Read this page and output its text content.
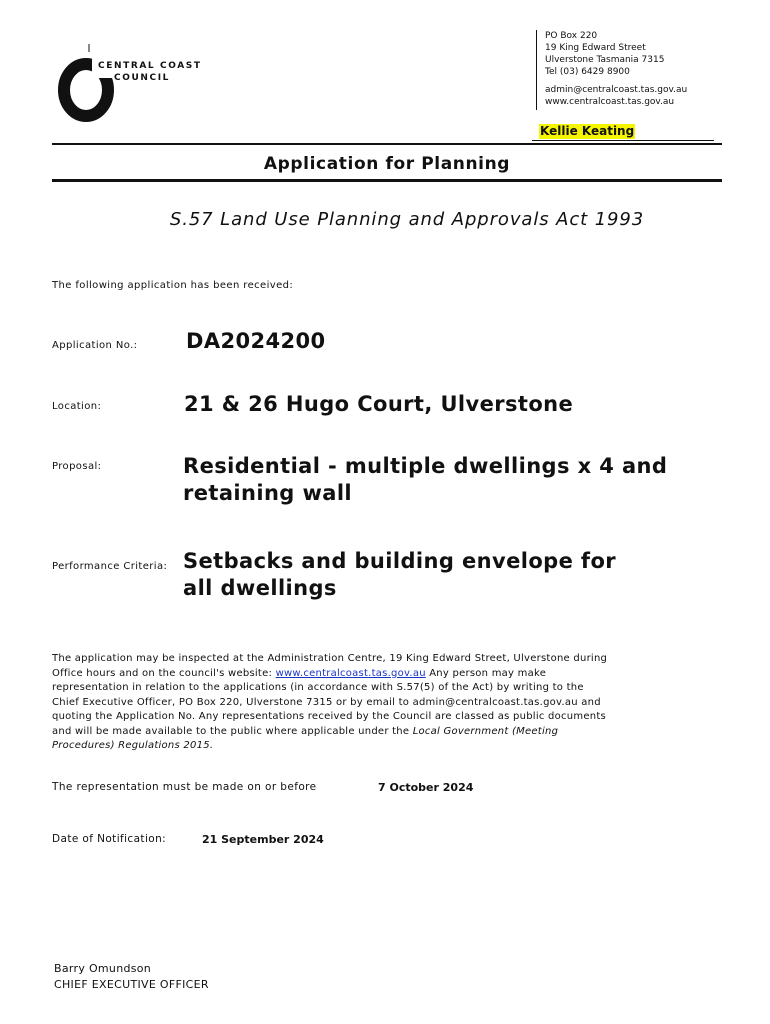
CENTRAL COAST
COUNCIL
PO Box 220
19 King Edward Street
Ulverstone Tasmania 7315
Tel (03) 6429 8900
admin@centralcoast.tas.gov.au
www.centralcoast.tas.gov.au
Kellie Keating
Application for Planning
S.57 Land Use Planning and Approvals Act 1993
The following application has been received:
Application No.: DA2024200
Location:	21 & 26 Hugo Court, Ulverstone
Proposal:	Residential - multiple dwellings x 4 and
retaining wall
Performance Criteria: Setbacks and building envelope for
all dwellings
The application may be inspected at the Administration Centre, 19 King Edward Street, Ulverstone during Office hours and on the council's website: www.centralcoast.tas.gov.au Any person may make representation in relation to the applications (in accordance with S.57(5) of the Act) by writing to the Chief Executive Officer, PO Box 220, Ulverstone 7315 or by email to admin@centralcoast.tas.gov.au and quoting the Application No. Any representations received by the Council are classed as public documents and will be made available to the public where applicable under the Local Government (Meeting Procedures) Regulations 2015.
The representation must be made on or before	7 October 2024
Date of Notification:	21 September 2024
Barry Omundson
CHIEF EXECUTIVE OFFICER
